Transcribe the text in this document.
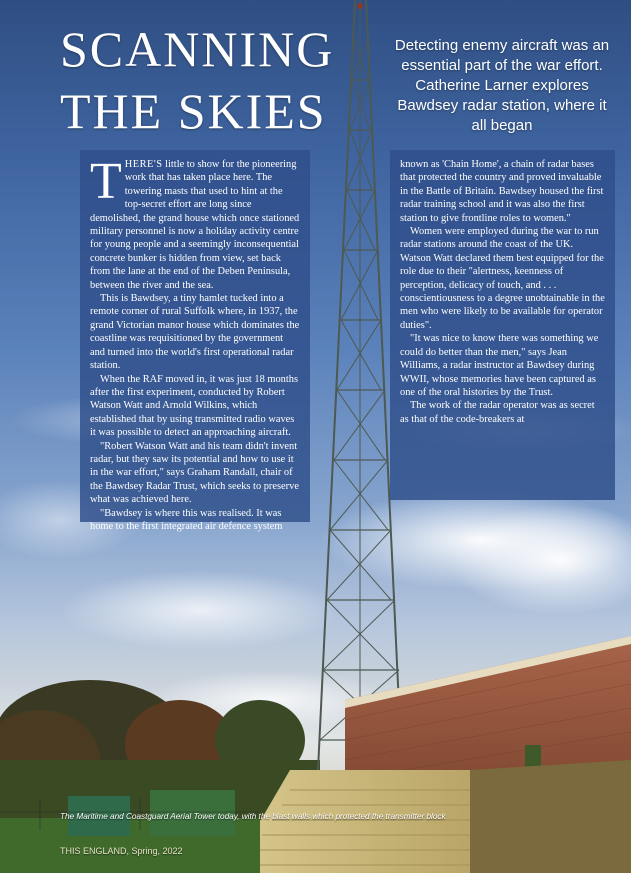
SCANNING
THE SKIES
Detecting enemy aircraft was an essential part of the war effort. Catherine Larner explores Bawdsey radar station, where it all began

THERE'S little to show for the pioneering work that has taken place here. The towering masts that used to hint at the top-secret effort are long since demolished, the grand house which once stationed military personnel is now a holiday activity centre for young people and a seemingly inconsequential concrete bunker is hidden from view, set back from the lane at the end of the Deben Peninsula, between the river and the sea.

This is Bawdsey, a tiny hamlet tucked into a remote corner of rural Suffolk where, in 1937, the grand Victorian manor house which dominates the coastline was requisitioned by the government and turned into the world's first operational radar station.

When the RAF moved in, it was just 18 months after the first experiment, conducted by Robert Watson Watt and Arnold Wilkins, which established that by using transmitted radio waves it was possible to detect an approaching aircraft.

"Robert Watson Watt and his team didn't invent radar, but they saw its potential and how to use it in the war effort," says Graham Randall, chair of the Bawdsey Radar Trust, which seeks to preserve what was achieved here.

"Bawdsey is where this was realised. It was home to the first integrated air defence system

known as 'Chain Home', a chain of radar bases that protected the country and proved invaluable in the Battle of Britain. Bawdsey housed the first radar training school and it was also the first station to give frontline roles to women."

Women were employed during the war to run radar stations around the coast of the UK. Watson Watt declared them best equipped for the role due to their "alertness, keenness of perception, delicacy of touch, and . . . conscientiousness to a degree unobtainable in the men who were likely to be available for operator duties".

"It was nice to know there was something we could do better than the men," says Jean Williams, a radar instructor at Bawdsey during WWII, whose memories have been captured as one of the oral histories by the Trust.

The work of the radar operator was as secret as that of the code-breakers at

The Maritime and Coastguard Aerial Tower today, with the blast walls which protected the transmitter block
THIS ENGLAND, Spring, 2022
